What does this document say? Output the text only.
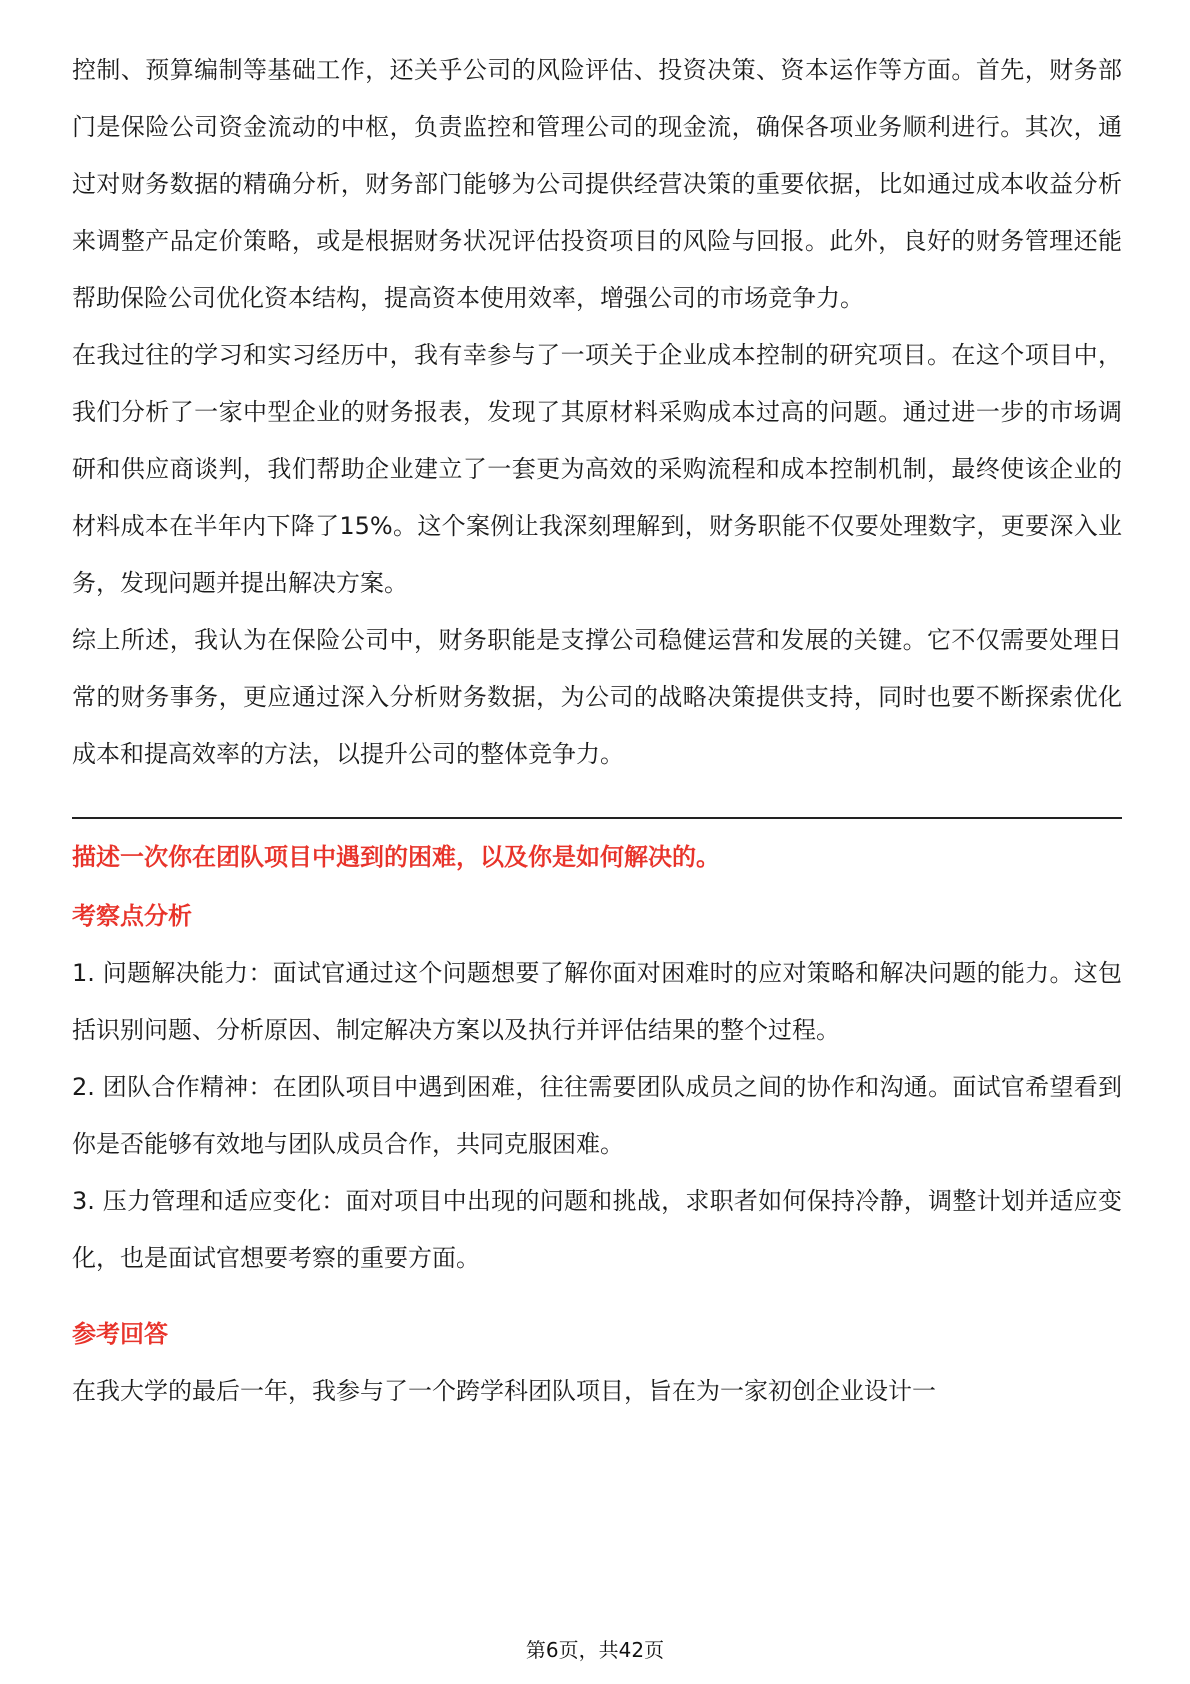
控制、预算编制等基础工作，还关乎公司的风险评估、投资决策、资本运作等方面。首先，财务部门是保险公司资金流动的中枢，负责监控和管理公司的现金流，确保各项业务顺利进行。其次，通过对财务数据的精确分析，财务部门能够为公司提供经营决策的重要依据，比如通过成本收益分析来调整产品定价策略，或是根据财务状况评估投资项目的风险与回报。此外，良好的财务管理还能帮助保险公司优化资本结构，提高资本使用效率，增强公司的市场竞争力。

在我过往的学习和实习经历中，我有幸参与了一项关于企业成本控制的研究项目。在这个项目中，我们分析了一家中型企业的财务报表，发现了其原材料采购成本过高的问题。通过进一步的市场调研和供应商谈判，我们帮助企业建立了一套更为高效的采购流程和成本控制机制，最终使该企业的材料成本在半年内下降了15%。这个案例让我深刻理解到，财务职能不仅要处理数字，更要深入业务，发现问题并提出解决方案。

综上所述，我认为在保险公司中，财务职能是支撑公司稳健运营和发展的关键。它不仅需要处理日常的财务事务，更应通过深入分析财务数据，为公司的战略决策提供支持，同时也要不断探索优化成本和提高效率的方法，以提升公司的整体竞争力。

描述一次你在团队项目中遇到的困难，以及你是如何解决的。

考察点分析

1. 问题解决能力：面试官通过这个问题想要了解你面对困难时的应对策略和解决问题的能力。这包括识别问题、分析原因、制定解决方案以及执行并评估结果的整个过程。

2. 团队合作精神：在团队项目中遇到困难，往往需要团队成员之间的协作和沟通。面试官希望看到你是否能够有效地与团队成员合作，共同克服困难。

3. 压力管理和适应变化：面对项目中出现的问题和挑战，求职者如何保持冷静，调整计划并适应变化，也是面试官想要考察的重要方面。

参考回答

在我大学的最后一年，我参与了一个跨学科团队项目，旨在为一家初创企业设计一

第6页，共42页
